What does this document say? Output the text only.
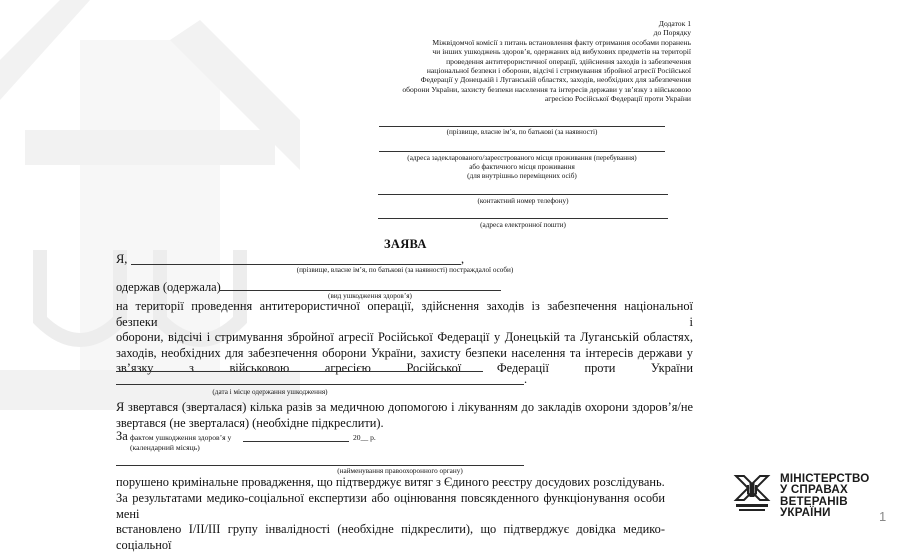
Додаток 1
до Порядку
Міжвідомчої комісії з питань встановлення факту отримання особами поранень
чи інших ушкоджень здоров’я, одержаних від вибухових предметів на території
проведення антитерористичної операції, здійснення заходів із забезпечення
національної безпеки і оборони, відсічі і стримування збройної агресії Російської
Федерації у Донецькій і Луганській областях, заходів, необхідних для забезпечення
оборони України, захисту безпеки населення та інтересів держави у зв’язку з військовою
агресією Російської Федерації проти України
(прізвище, власне ім’я, по батькові (за наявності)
(адреса задекларованого/зареєстрованого місця проживання (перебування)
або фактичного місця проживання
(для внутрішньо переміщених осіб)
(контактний номер телефону)
(адреса електронної пошти)
ЗАЯВА
Я,	,
(прізвище, власне ім’я, по батькові (за наявності) постраждалої особи)
одержав (одержала)
(вид ушкодження здоров’я)
на території проведення антитерористичної операції, здійснення заходів із забезпечення національної безпеки і
оборони, відсічі і стримування збройної агресії Російської Федерації у Донецькій та Луганській областях,
заходів, необхідних для забезпечення оборони України, захисту безпеки населення та інтересів держави у
зв’язку з військовою агресією Російської Федерації проти України
.
(дата і місце одержання ушкодження)
Я звертався (зверталася) кілька разів за медичною допомогою і лікуванням до закладів охорони здоров’я/не
звертався (не зверталася) (необхідне підкреслити).
За фактом ушкодження здоров’я у	20__ р.
(календарний місяць)
(найменування правоохоронного органу)
порушено кримінальне провадження, що підтверджує витяг з Єдиного реєстру досудових розслідувань.
За результатами медико-соціальної експертизи або оцінювання повсякденного функціонування особи мені
встановлено I/II/III групу інвалідності (необхідне підкреслити), що підтверджує довідка медико-соціальної
МІНІСТЕРСТВО
У СПРАВАХ
ВЕТЕРАНІВ
УКРАЇНИ	1
